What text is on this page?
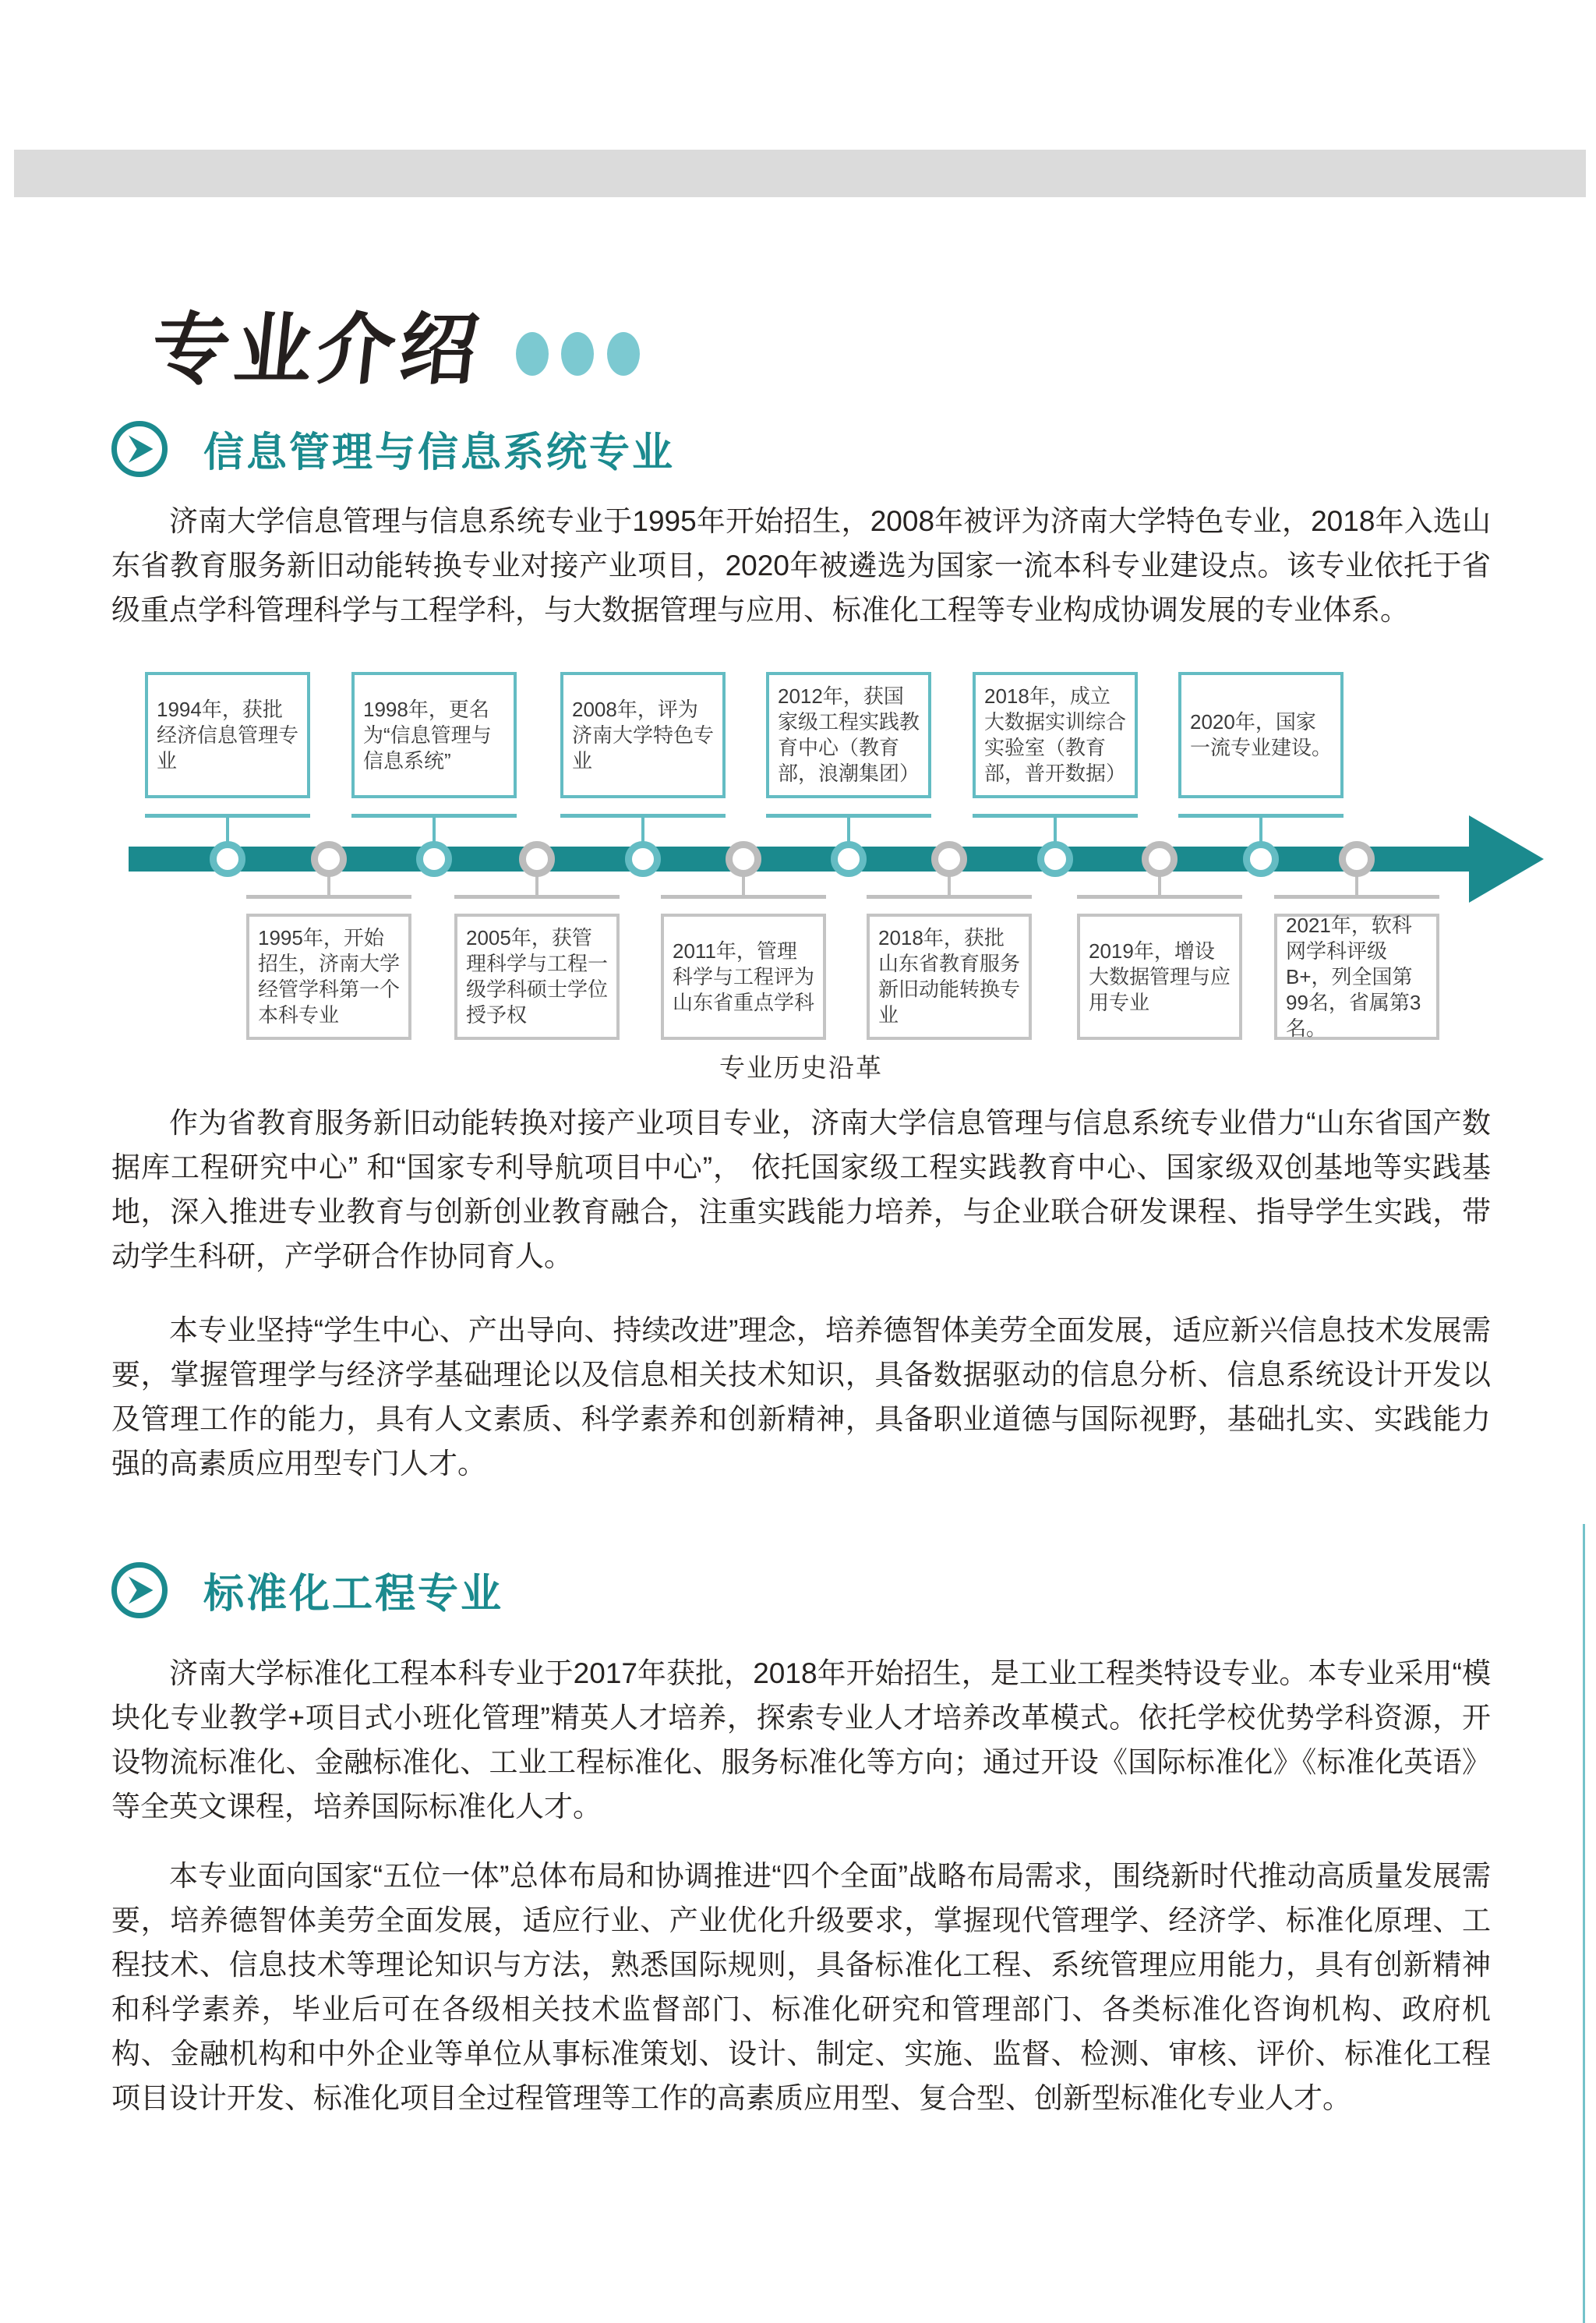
专业介绍
信息管理与信息系统专业

济南大学信息管理与信息系统专业于1995年开始招生，2008年被评为济南大学特色专业，2018年入选山东省教育服务新旧动能转换专业对接产业项目，2020年被遴选为国家一流本科专业建设点。该专业依托于省级重点学科管理科学与工程学科，与大数据管理与应用、标准化工程等专业构成协调发展的专业体系。

1994年，获批经济信息管理专业
1998年，更名为“信息管理与信息系统”
2008年，评为济南大学特色专业
2012年，获国家级工程实践教育中心（教育部，浪潮集团）
2018年，成立大数据实训综合实验室（教育部，普开数据）
2020年，国家一流专业建设。
1995年，开始招生，济南大学经管学科第一个本科专业
2005年，获管理科学与工程一级学科硕士学位授予权
2011年，管理科学与工程评为山东省重点学科
2018年，获批山东省教育服务新旧动能转换专业
2019年，增设大数据管理与应用专业
2021年，软科网学科评级B+，列全国第99名，省属第3名。
专业历史沿革

作为省教育服务新旧动能转换对接产业项目专业，济南大学信息管理与信息系统专业借力“山东省国产数据库工程研究中心” 和“国家专利导航项目中心”， 依托国家级工程实践教育中心、国家级双创基地等实践基地，深入推进专业教育与创新创业教育融合，注重实践能力培养，与企业联合研发课程、指导学生实践，带动学生科研，产学研合作协同育人。

本专业坚持“学生中心、产出导向、持续改进”理念，培养德智体美劳全面发展，适应新兴信息技术发展需要，掌握管理学与经济学基础理论以及信息相关技术知识，具备数据驱动的信息分析、信息系统设计开发以及管理工作的能力，具有人文素质、科学素养和创新精神，具备职业道德与国际视野，基础扎实、实践能力强的高素质应用型专门人才。

标准化工程专业

济南大学标准化工程本科专业于2017年获批，2018年开始招生，是工业工程类特设专业。本专业采用“模块化专业教学+项目式小班化管理”精英人才培养，探索专业人才培养改革模式。依托学校优势学科资源，开设物流标准化、金融标准化、工业工程标准化、服务标准化等方向；通过开设《国际标准化》《标准化英语》等全英文课程，培养国际标准化人才。

本专业面向国家“五位一体”总体布局和协调推进“四个全面”战略布局需求，围绕新时代推动高质量发展需要，培养德智体美劳全面发展，适应行业、产业优化升级要求，掌握现代管理学、经济学、标准化原理、工程技术、信息技术等理论知识与方法，熟悉国际规则，具备标准化工程、系统管理应用能力，具有创新精神和科学素养，毕业后可在各级相关技术监督部门、标准化研究和管理部门、各类标准化咨询机构、政府机构、金融机构和中外企业等单位从事标准策划、设计、制定、实施、监督、检测、审核、评价、标准化工程项目设计开发、标准化项目全过程管理等工作的高素质应用型、复合型、创新型标准化专业人才。
